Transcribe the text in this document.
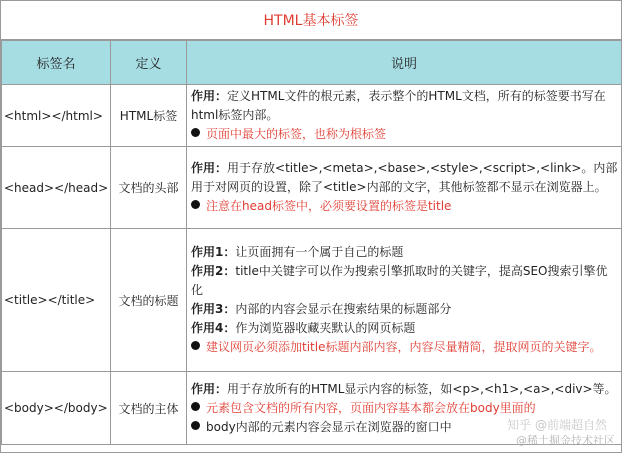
HTML基本标签
标签名	定义	说明
<html></html>	HTML标签	作用：定义HTML文件的根元素，表示整个的HTML文档，所有的标签要书写在html标签内部。
页面中最大的标签，也称为根标签

<head></head>	文档的头部	作用：用于存放<title>,<meta>,<base>,<style>,<script>,<link>。内部用于对网页的设置，除了<title>内部的文字，其他标签都不显示在浏览器上。
注意在head标签中，必须要设置的标签是title

<title></title>	文档的标题	作用1：让页面拥有一个属于自己的标题
作用2：title中关键字可以作为搜索引擎抓取时的关键字，提高SEO搜索引擎优化
作用3：内部的内容会显示在搜索结果的标题部分
作用4：作为浏览器收藏夹默认的网页标题
建议网页必须添加title标题内部内容，内容尽量精简，提取网页的关键字。

<body></body>	文档的主体	作用：用于存放所有的HTML显示内容的标签，如<p>,<h1>,<a>,<div>等。
元素包含文档的所有内容，页面内容基本都会放在body里面的
body内部的元素内容会显示在浏览器的窗口中	知乎 @前端超自然
@稀土掘金技术社区
